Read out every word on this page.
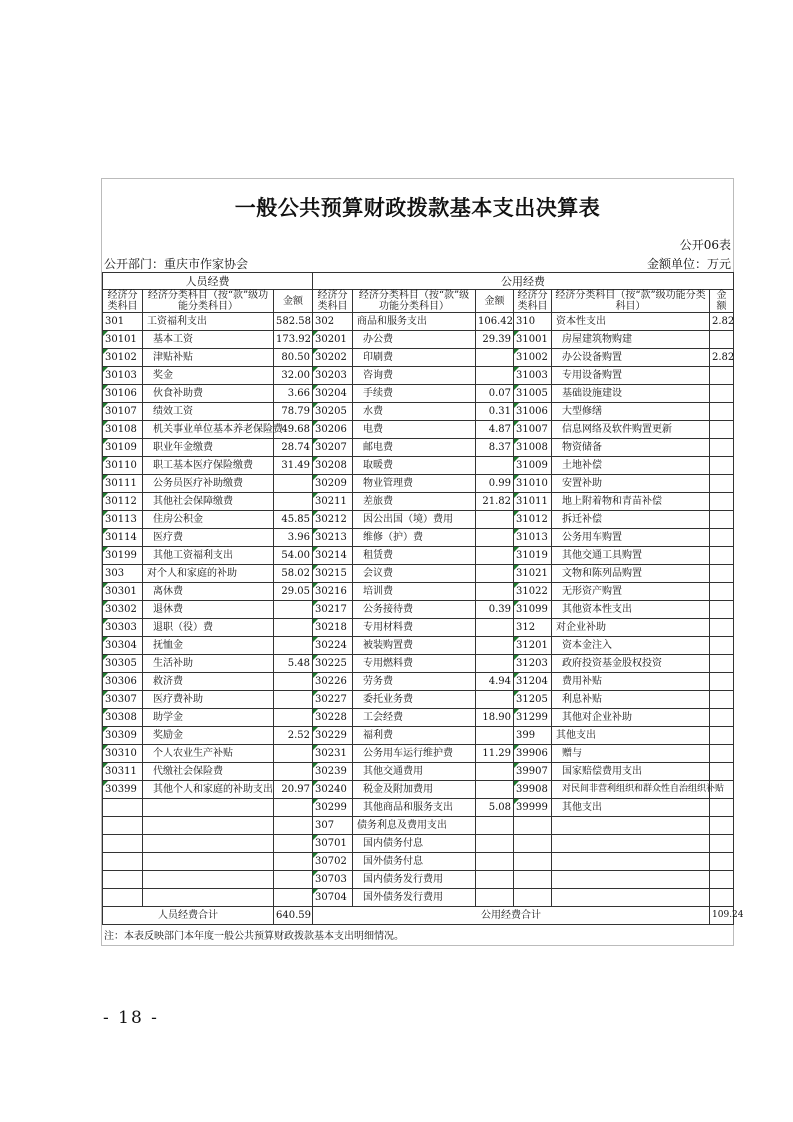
一般公共预算财政拨款基本支出决算表
公开06表
公开部门：重庆市作家协会	金额单位：万元
人员经费			公用经费					
经济分类科目	经济分类科目（按“款”级功能分类科目）	金额	经济分类科目	经济分类科目（按“款”级功能分类科目）	金额	经济分类科目	经济分类科目（按“款”级功能分类科目）	金额
301	工资福利支出	582.58	302	商品和服务支出	106.42	310	资本性支出	2.82
30101	基本工资	173.92	30201	办公费	29.39	31001	房屋建筑物购建	
30102	津贴补贴	80.50	30202	印刷费		31002	办公设备购置	2.82
30103	奖金	32.00	30203	咨询费		31003	专用设备购置	
30106	伙食补助费	3.66	30204	手续费	0.07	31005	基础设施建设	
30107	绩效工资	78.79	30205	水费	0.31	31006	大型修缮	
30108	机关事业单位基本养老保险费	49.68	30206	电费	4.87	31007	信息网络及软件购置更新	
30109	职业年金缴费	28.74	30207	邮电费	8.37	31008	物资储备	
30110	职工基本医疗保险缴费	31.49	30208	取暖费		31009	土地补偿	
30111	公务员医疗补助缴费		30209	物业管理费	0.99	31010	安置补助	
30112	其他社会保障缴费		30211	差旅费	21.82	31011	地上附着物和青苗补偿	
30113	住房公积金	45.85	30212	因公出国（境）费用		31012	拆迁补偿	
30114	医疗费	3.96	30213	维修（护）费		31013	公务用车购置	
30199	其他工资福利支出	54.00	30214	租赁费		31019	其他交通工具购置	
303	对个人和家庭的补助	58.02	30215	会议费		31021	文物和陈列品购置	
30301	离休费	29.05	30216	培训费		31022	无形资产购置	
30302	退休费		30217	公务接待费	0.39	31099	其他资本性支出	
30303	退职（役）费		30218	专用材料费		312	对企业补助	
30304	抚恤金		30224	被装购置费		31201	资本金注入	
30305	生活补助	5.48	30225	专用燃料费		31203	政府投资基金股权投资	
30306	救济费		30226	劳务费	4.94	31204	费用补贴	
30307	医疗费补助		30227	委托业务费		31205	利息补贴	
30308	助学金		30228	工会经费	18.90	31299	其他对企业补助	
30309	奖励金	2.52	30229	福利费		399	其他支出	
30310	个人农业生产补贴		30231	公务用车运行维护费	11.29	39906	赠与	
30311	代缴社会保险费		30239	其他交通费用		39907	国家赔偿费用支出	
30399	其他个人和家庭的补助支出	20.97	30240	税金及附加费用		39908	对民间非营利组织和群众性自治组织补贴	
			30299	其他商品和服务支出	5.08	39999	其他支出	
			307	债务利息及费用支出				
			30701	国内债务付息				
			30702	国外债务付息				
			30703	国内债务发行费用				
			30704	国外债务发行费用				
人员经费合计		640.59	公用经费合计					109.24
注：本表反映部门本年度一般公共预算财政拨款基本支出明细情况。
- 18 -
